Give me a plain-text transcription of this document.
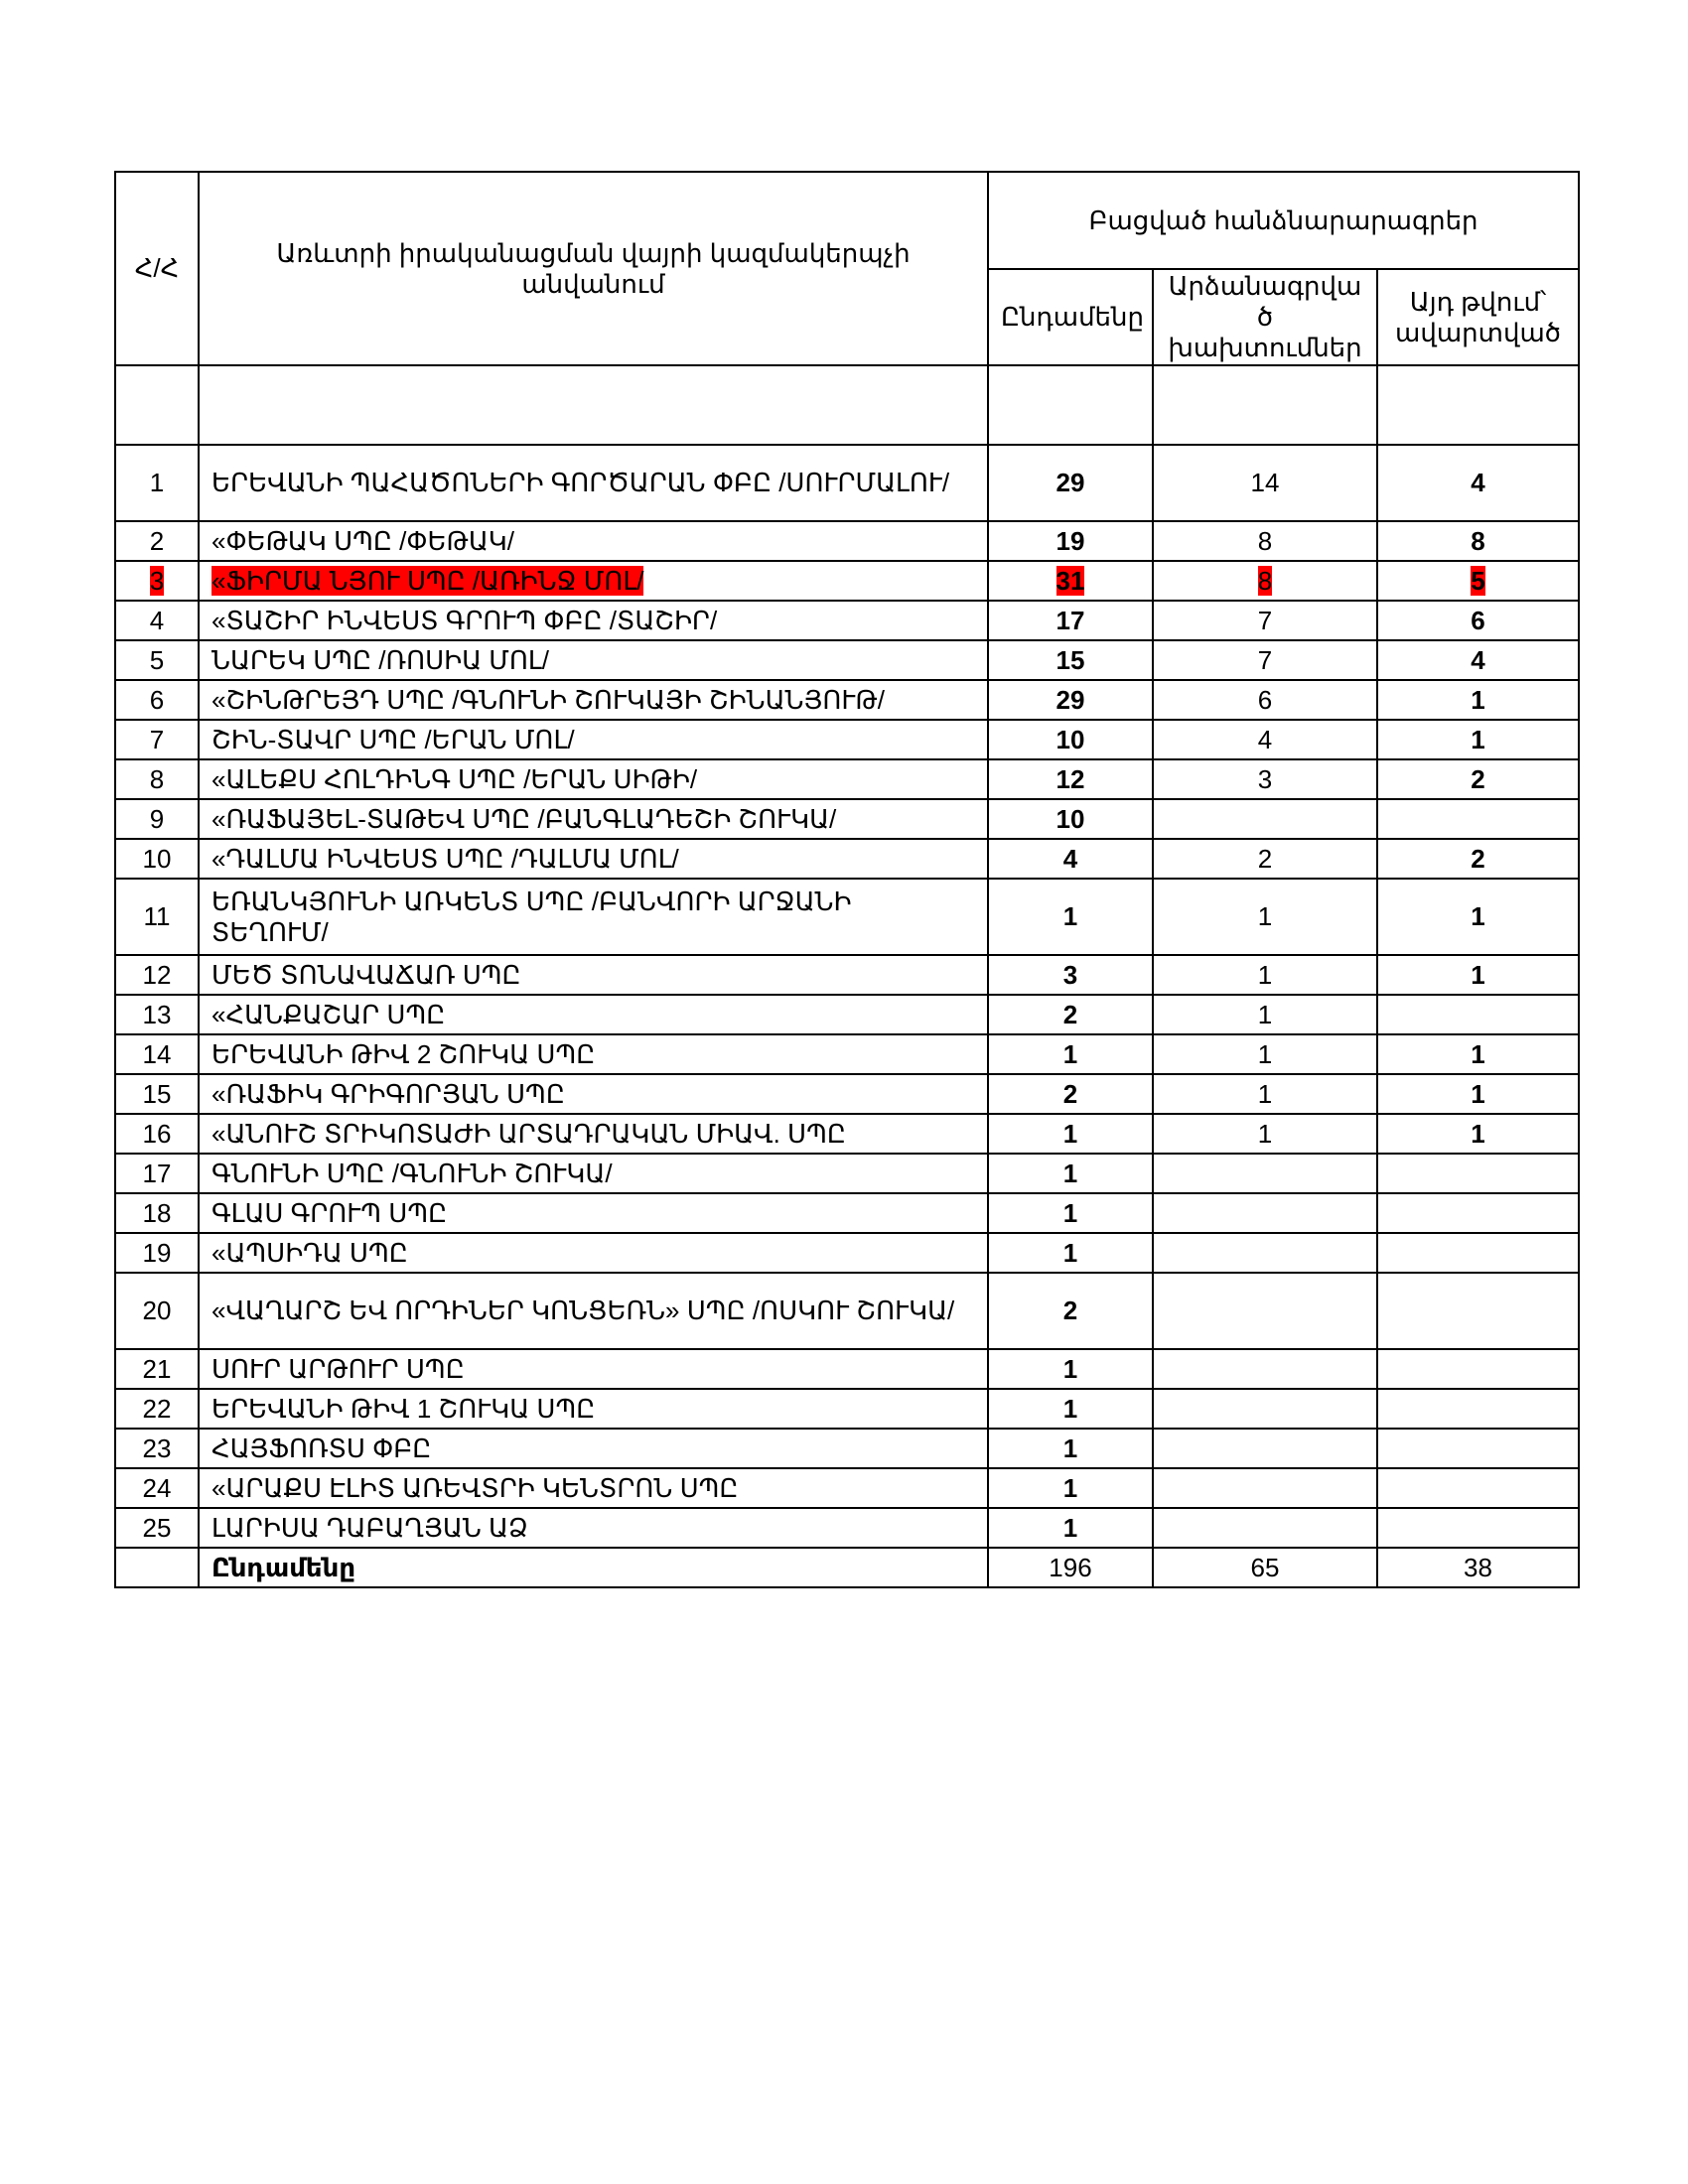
Հ/Հ	Առևտրի իրականացման վայրի կազմակերպչի անվանում	Բացված հանձնարարագրեր		
		Ընդամենը	Արձանագրվա ծ խախտումներ	Այդ թվում՝ ավարտված

1	ԵՐԵՎԱՆԻ ՊԱՀԱԾՈՆԵՐԻ ԳՈՐԾԱՐԱՆ ՓԲԸ /ՍՈՒՐՄԱԼՈՒ/	29	14	4
2	«ՓԵԹԱԿ ՍՊԸ /ՓԵԹԱԿ/	19	8	8
3	«ՖԻՐՄԱ ՆՅՈՒ ՍՊԸ /ԱՌԻՆՋ ՄՈԼ/	31	8	5
4	«ՏԱՇԻՐ ԻՆՎԵՍՏ ԳՐՈՒՊ ՓԲԸ /ՏԱՇԻՐ/	17	7	6
5	ՆԱՐԵԿ ՍՊԸ /ՌՈՍԻԱ ՄՈԼ/	15	7	4
6	«ՇԻՆԹՐԵՅԴ ՍՊԸ /ԳՆՈՒՆԻ ՇՈՒԿԱՅԻ ՇԻՆԱՆՅՈՒԹ/	29	6	1
7	ՇԻՆ-ՏԱՎՐ ՍՊԸ /ԵՐԱՆ ՄՈԼ/	10	4	1
8	«ԱԼԵՔՍ ՀՈԼԴԻՆԳ ՍՊԸ /ԵՐԱՆ ՍԻԹԻ/	12	3	2
9	«ՌԱՖԱՅԵԼ-ՏԱԹԵՎ ՍՊԸ /ԲԱՆԳԼԱԴԵՇԻ ՇՈՒԿԱ/	10		
10	«ԴԱԼՄԱ ԻՆՎԵՍՏ ՍՊԸ /ԴԱԼՄԱ ՄՈԼ/	4	2	2
11	ԵՌԱՆԿՅՈՒՆԻ ԱՌԿԵՆՏ ՍՊԸ /ԲԱՆՎՈՐԻ ԱՐՋԱՆԻ ՏԵՂՈՒՄ/	1	1	1
12	ՄԵԾ ՏՈՆԱՎԱՃԱՌ ՍՊԸ	3	1	1
13	«ՀԱՆՔԱՇԱՐ ՍՊԸ	2	1	
14	ԵՐԵՎԱՆԻ ԹԻՎ 2 ՇՈՒԿԱ ՍՊԸ	1	1	1
15	«ՌԱՖԻԿ ԳՐԻԳՈՐՅԱՆ ՍՊԸ	2	1	1
16	«ԱՆՈՒՇ ՏՐԻԿՈՏԱԺԻ ԱՐՏԱԴՐԱԿԱՆ ՄԻԱՎ. ՍՊԸ	1	1	1
17	ԳՆՈՒՆԻ ՍՊԸ /ԳՆՈՒՆԻ ՇՈՒԿԱ/	1		
18	ԳԼԱՍ ԳՐՈՒՊ ՍՊԸ	1		
19	«ԱՊՍԻԴԱ ՍՊԸ	1		
20	«ՎԱՂԱՐՇ ԵՎ ՈՐԴԻՆԵՐ ԿՈՆՑԵՌՆ» ՍՊԸ /ՈՍԿՈՒ ՇՈՒԿԱ/	2		
21	ՍՈՒՐ ԱՐԹՈՒՐ ՍՊԸ	1		
22	ԵՐԵՎԱՆԻ ԹԻՎ 1 ՇՈՒԿԱ ՍՊԸ	1		
23	ՀԱՅՖՈՌՏՍ ՓԲԸ	1		
24	«ԱՐԱՔՍ ԷԼԻՏ ԱՌԵՎՏՐԻ ԿԵՆՏՐՈՆ ՍՊԸ	1		
25	ԼԱՐԻՍԱ ԴԱԲԱՂՅԱՆ ԱՁ	1		
	Ընդամենը	196	65	38
